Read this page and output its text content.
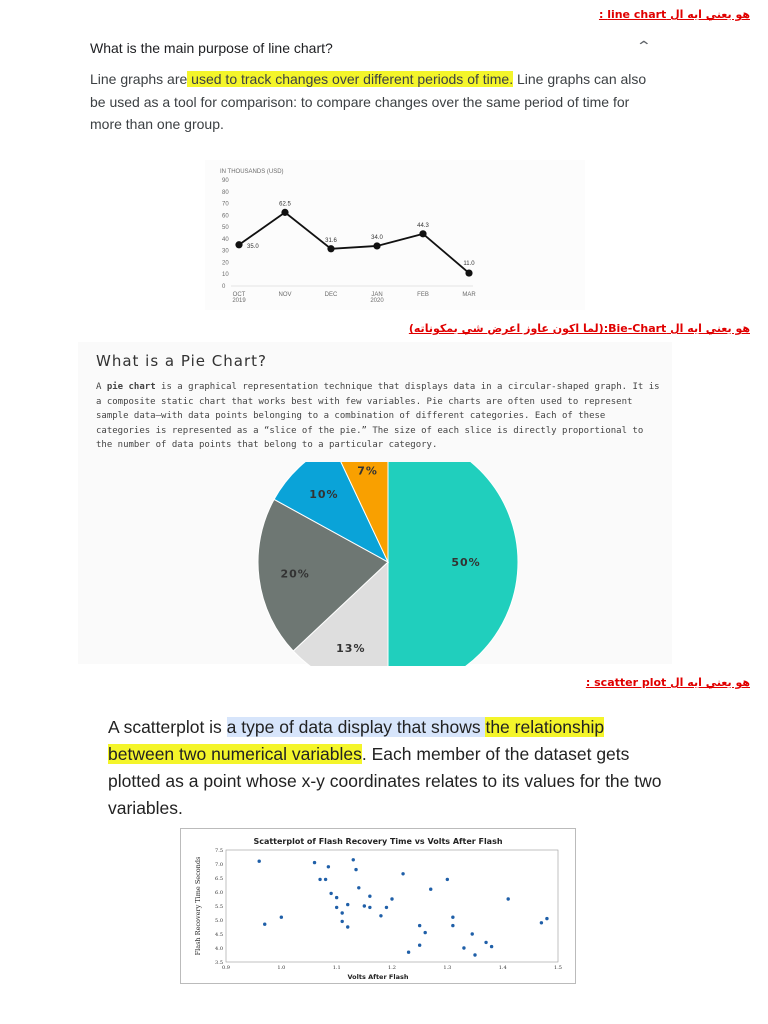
هو يعني ايه ال line chart :
هو يعني ايه ال Bie-Chart:(لما اكون عاوز اعرض شي بمكوناته)
هو يعني ايه ال scatter plot :
What is the main purpose of line chart?	⌃
Line graphs are used to track changes over different periods of time. Line graphs can also be used as a tool for comparison: to compare changes over the same period of time for more than one group.
IN THOUSANDS (USD)
0
10
20
30
40
50
60
70
80
90
OCT
2019
NOV	DEC	JAN
2020
FEB	MAR
35.0
62.5
31.6	34.0
44.3
11.0
What is a Pie Chart?
A pie chart is a graphical representation technique that displays data in a circular-shaped graph. It is a composite static chart that works best with few variables. Pie charts are often used to represent sample data—with data points belonging to a combination of different categories. Each of these categories is represented as a “slice of the pie.” The size of each slice is directly proportional to the number of data points that belong to a particular category.
50%
13%
20%
10%
7%
A scatterplot is a type of data display that shows the relationship between two numerical variables. Each member of the dataset gets plotted as a point whose x-y coordinates relates to its values for the two variables.
Scatterplot of Flash Recovery Time vs Volts After Flash
Volts After Flash
Flash Recovery Time Seconds
0.9	1.0	1.1	1.2	1.3	1.4	1.5
3.5
4.0
4.5
5.0
5.5
6.0
6.5
7.0
7.5
